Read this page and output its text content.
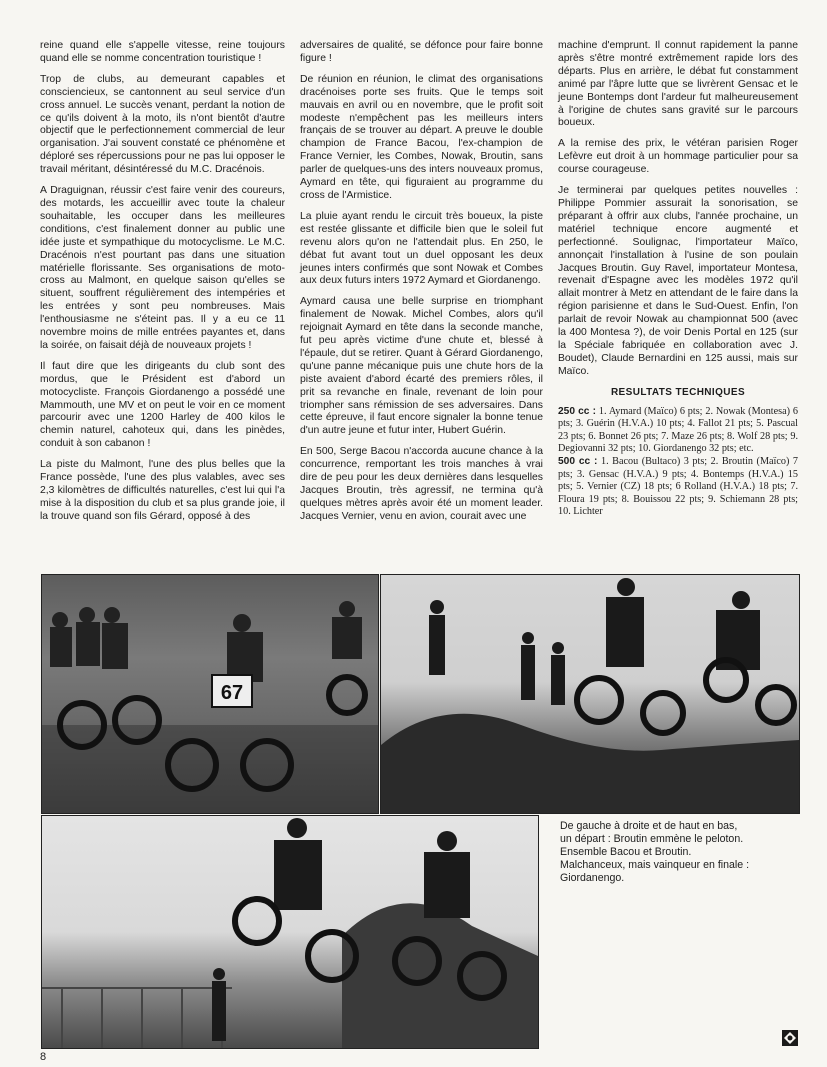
reine quand elle s'appelle vitesse, reine toujours quand elle se nomme concentration touristique !

Trop de clubs, au demeurant capables et consciencieux, se cantonnent au seul service d'un cross annuel. Le succès venant, perdant la notion de ce qu'ils doivent à la moto, ils n'ont bientôt d'autre objectif que le perfectionnement commercial de leur organisation. J'ai souvent constaté ce phénomène et déploré ses répercussions pour ne pas lui opposer le travail méritant, désintéressé du M.C. Dracénois.

A Draguignan, réussir c'est faire venir des coureurs, des motards, les accueillir avec toute la chaleur souhaitable, les occuper dans les meilleures conditions, c'est finalement donner au public une idée juste et sympathique du motocyclisme. Le M.C. Dracénois n'est pourtant pas dans une situation matérielle florissante. Ses organisations de moto-cross au Malmont, en quelque saison qu'elles se situent, souffrent régulièrement des intempéries et les entrées y sont peu nombreuses. Mais l'enthousiasme ne s'éteint pas. Il y a eu ce 11 novembre moins de mille entrées payantes et, dans la soirée, on faisait déjà de nouveaux projets !

Il faut dire que les dirigeants du club sont des mordus, que le Président est d'abord un motocycliste. François Giordanengo a possédé une Mammouth, une MV et on peut le voir en ce moment parcourir avec une 1200 Harley de 400 kilos le chemin naturel, cahoteux qui, dans les pinèdes, conduit à son cabanon !

La piste du Malmont, l'une des plus belles que la France possède, l'une des plus valables, avec ses 2,3 kilomètres de difficultés naturelles, c'est lui qui l'a mise à la disposition du club et sa plus grande joie, il la trouve quand son fils Gérard, opposé à des

adversaires de qualité, se défonce pour faire bonne figure !

De réunion en réunion, le climat des organisations dracénoises porte ses fruits. Que le temps soit mauvais en avril ou en novembre, que le profit soit modeste n'empêchent pas les meilleurs inters français de se trouver au départ. A preuve le double champion de France Bacou, l'ex-champion de France Vernier, les Combes, Nowak, Broutin, sans parler de quelques-uns des inters nouveaux promus, Aymard en tête, qui figuraient au programme du cross de l'Armistice.

La pluie ayant rendu le circuit très boueux, la piste est restée glissante et difficile bien que le soleil fut revenu alors qu'on ne l'attendait plus. En 250, le débat fut avant tout un duel opposant les deux jeunes inters confirmés que sont Nowak et Combes aux deux futurs inters 1972 Aymard et Giordanengo.

Aymard causa une belle surprise en triomphant finalement de Nowak. Michel Combes, alors qu'il rejoignait Aymard en tête dans la seconde manche, fut peu après victime d'une chute et, blessé à l'épaule, dut se retirer. Quant à Gérard Giordanengo, qu'une panne mécanique puis une chute hors de la piste avaient d'abord écarté des premiers rôles, il prit sa revanche en finale, revenant de loin pour triompher sans rémission de ses adversaires. Dans cette épreuve, il faut encore signaler la bonne tenue d'un autre jeune et futur inter, Hubert Guérin.

En 500, Serge Bacou n'accorda aucune chance à la concurrence, remportant les trois manches à vrai dire de peu pour les deux dernières dans lesquelles Jacques Broutin, très agressif, ne termina qu'à quelques mètres après avoir été un moment leader. Jacques Vernier, venu en avion, courait avec une

machine d'emprunt. Il connut rapidement la panne après s'être montré extrêmement rapide lors des départs. Plus en arrière, le débat fut constamment animé par l'âpre lutte que se livrèrent Gensac et le jeune Bontemps dont l'ardeur fut malheureusement à l'origine de chutes sans gravité sur le parcours boueux.

A la remise des prix, le vétéran parisien Roger Lefèvre eut droit à un hommage particulier pour sa course courageuse.

Je terminerai par quelques petites nouvelles : Philippe Pommier assurait la sonorisation, se préparant à offrir aux clubs, l'année prochaine, un matériel technique encore augmenté et perfectionné. Soulignac, l'importateur Maïco, annonçait l'installation à l'usine de son poulain Jacques Broutin. Guy Ravel, importateur Montesa, revenait d'Espagne avec les modèles 1972 qu'il allait montrer à Metz en attendant de le faire dans la région parisienne et dans le Sud-Ouest. Enfin, l'on parlait de revoir Nowak au championnat 500 (avec la 400 Montesa ?), de voir Denis Portal en 125 (sur la Spéciale fabriquée en collaboration avec J. Boudet), Claude Bernardini en 125 aussi, mais sur Maïco.

RESULTATS TECHNIQUES
250 cc : 1. Aymard (Maïco) 6 pts; 2. Nowak (Montesa) 6 pts; 3. Guérin (H.V.A.) 10 pts; 4. Fallot 21 pts; 5. Pascual 23 pts; 6. Bonnet 26 pts; 7. Maze 26 pts; 8. Wolf 28 pts; 9. Degiovanni 32 pts; 10. Giordanengo 32 pts; etc.
500 cc : 1. Bacou (Bultaco) 3 pts; 2. Broutin (Maïco) 7 pts; 3. Gensac (H.V.A.) 9 pts; 4. Bontemps (H.V.A.) 15 pts; 5. Vernier (CZ) 18 pts; 6 Rolland (H.V.A.) 18 pts; 7. Floura 19 pts; 8. Bouissou 22 pts; 9. Schiemann 28 pts; 10. Lichter
67

De gauche à droite et de haut en bas,

un départ : Broutin emmène le peloton.

Ensemble Bacou et Broutin.

Malchanceux, mais vainqueur en finale : Giordanengo.

8
